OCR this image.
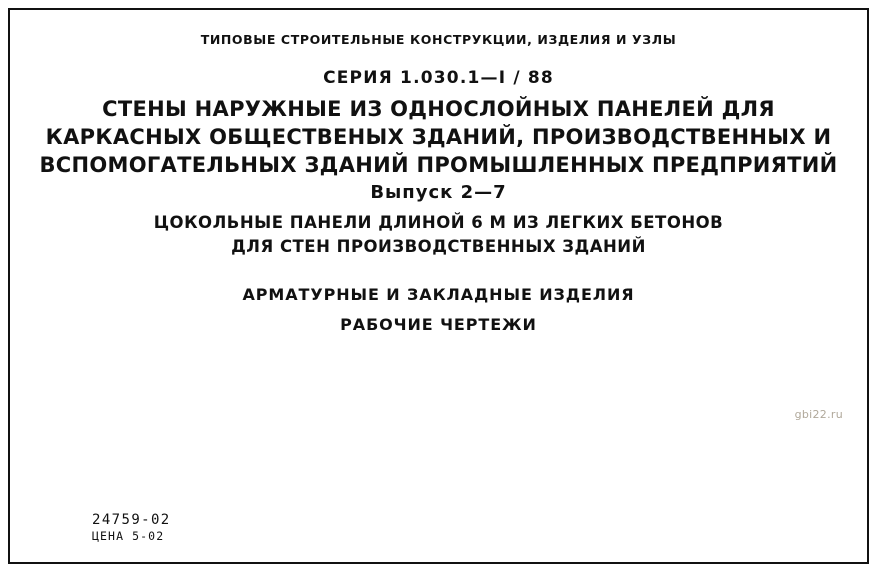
ТИПОВЫЕ СТРОИТЕЛЬНЫЕ КОНСТРУКЦИИ, ИЗДЕЛИЯ И УЗЛЫ
СЕРИЯ 1.030.1—I / 88
СТЕНЫ НАРУЖНЫЕ ИЗ ОДНОСЛОЙНЫХ ПАНЕЛЕЙ ДЛЯ
КАРКАСНЫХ ОБЩЕСТВЕНЫХ ЗДАНИЙ, ПРОИЗВОДСТВЕННЫХ И
ВСПОМОГАТЕЛЬНЫХ ЗДАНИЙ ПРОМЫШЛЕННЫХ ПРЕДПРИЯТИЙ
Выпуск 2—7
ЦОКОЛЬНЫЕ ПАНЕЛИ ДЛИНОЙ 6 М ИЗ ЛЕГКИХ БЕТОНОВ
ДЛЯ СТЕН ПРОИЗВОДСТВЕННЫХ ЗДАНИЙ
АРМАТУРНЫЕ И ЗАКЛАДНЫЕ ИЗДЕЛИЯ
РАБОЧИЕ ЧЕРТЕЖИ
gbi22.ru
24759-02
ЦЕНА 5-02
